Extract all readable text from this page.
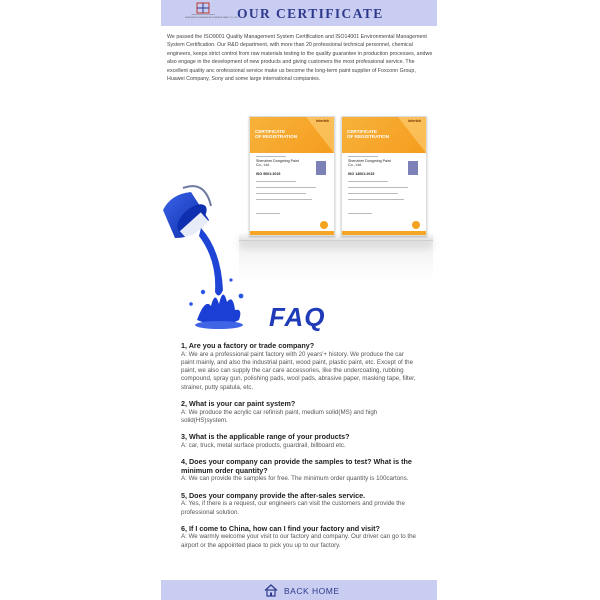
SHENZHEN DONGMING
SHENZHEN DONGMING AUTOMOBILE PAINT CO.,LTD.
OUR CERTIFICATE
We passed the ISO9001 Quality Management System Certification and ISO14001 Environmental Management System Certification. Our R&D department, with more than 20 professional technical personnel, chemical engineers, keeps strict control from raw materials testing to the quality guarantee in production processes, andwe also engage in the development of new products and giving customers the most professional service. The excellent quality anc orofessional service make us become the long-term paint supplier of Foxconn Group, Huawei Company, Sony and some large international companies.
intertek
CERTIFICATE
OF REGISTRATION
Shenzhen Dongming Paint
Co., Ltd.
ISO 9001:2015
intertek
CERTIFICATE
OF REGISTRATION
Shenzhen Dongming Paint
Co., Ltd.
ISO 14001:2015
FAQ

1, Are you a factory or trade company?

A: We are a professional paint factory with 20 years'+ history. We produce the car paint mainly, and also the industrial paint, wood paint, plastic paint, etc. Except of the paint, we also can supply the car care accessories, like the undercoating, rubbing compound, spray gun, polishing pads, wool pads, abrasive paper, masking tape, filter, strainer, putty spatula, etc.

2, What is your car paint system?

A: We produce the acrylic car refinish paint, medium solid(MS) and high solid(HS)system.

3, What is the applicable range of your products?

A: car, truck, metal surface products, guardrail, billboard etc.

4, Does your company can provide the samples to test? What is the minimum order quantity?

A: We can provide the samples for free. The minimum order quantity is 100cartons.

5, Does your company provide the after-sales service.

A: Yes, if there is a request, our engineers can visit the customers and provide the professional solution.

6, If I come to China, how can I find your factory and visit?

A: We warmly welcome your visit to our factory and company. Our driver can go to the airport or the appointed place to pick you up to our factory.

BACK HOME
